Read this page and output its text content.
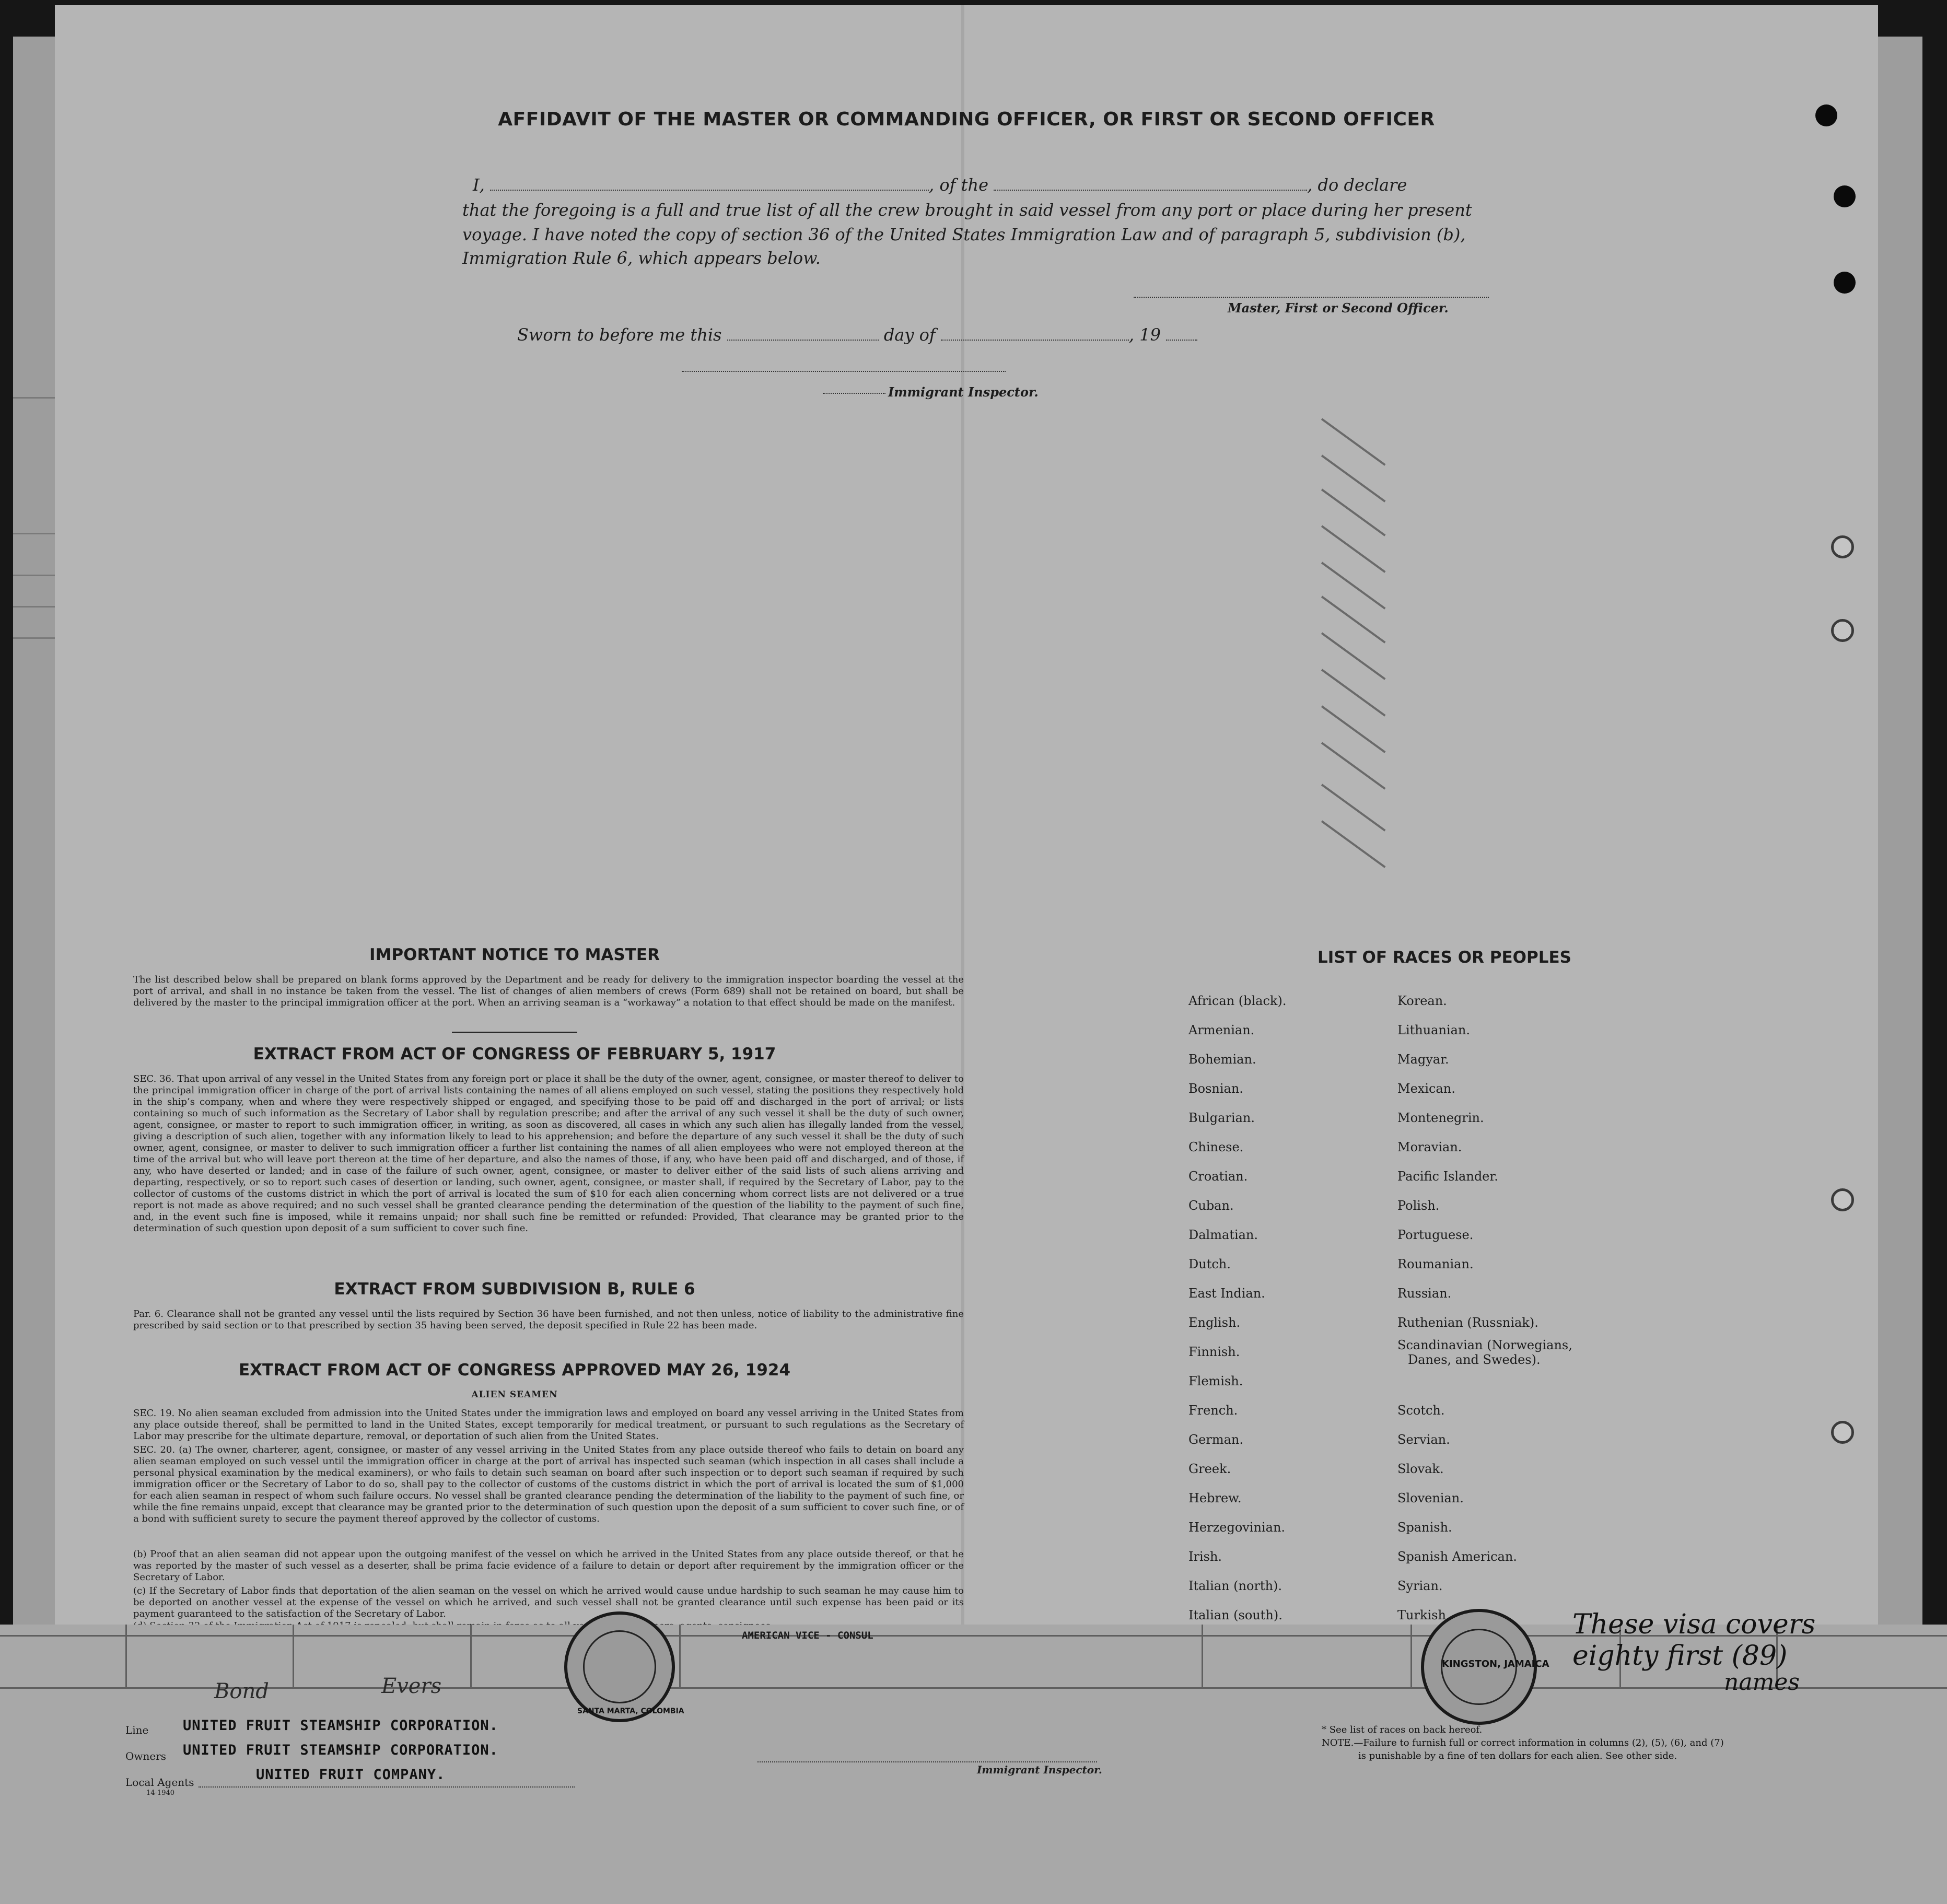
AFFIDAVIT OF THE MASTER OR COMMANDING OFFICER, OR FIRST OR SECOND OFFICER
I,	, of the	, do declare
that the foregoing is a full and true list of all the crew brought in said vessel from any port or place during her present
voyage. I have noted the copy of section 36 of the United States Immigration Law and of paragraph 5, subdivision (b),
Immigration Rule 6, which appears below.
Master, First or Second Officer.
Sworn to before me this	day of	, 19
Immigrant Inspector.
IMPORTANT NOTICE TO MASTER
The list described below shall be prepared on blank forms approved by the Department and be ready for delivery to the immigration inspector boarding the vessel at the port of arrival, and shall in no instance be taken from the vessel. The list of changes of alien members of crews (Form 689) shall not be retained on board, but shall be delivered by the master to the principal immigration officer at the port. When an arriving seaman is a “workaway” a notation to that effect should be made on the manifest.
EXTRACT FROM ACT OF CONGRESS OF FEBRUARY 5, 1917
SEC. 36. That upon arrival of any vessel in the United States from any foreign port or place it shall be the duty of the owner, agent, consignee, or master thereof to deliver to the principal immigration officer in charge of the port of arrival lists containing the names of all aliens employed on such vessel, stating the positions they respectively hold in the ship’s company, when and where they were respectively shipped or engaged, and specifying those to be paid off and discharged in the port of arrival; or lists containing so much of such information as the Secretary of Labor shall by regulation prescribe; and after the arrival of any such vessel it shall be the duty of such owner, agent, consignee, or master to report to such immigration officer, in writing, as soon as discovered, all cases in which any such alien has illegally landed from the vessel, giving a description of such alien, together with any information likely to lead to his apprehension; and before the departure of any such vessel it shall be the duty of such owner, agent, consignee, or master to deliver to such immigration officer a further list containing the names of all alien employees who were not employed thereon at the time of the arrival but who will leave port thereon at the time of her departure, and also the names of those, if any, who have been paid off and discharged, and of those, if any, who have deserted or landed; and in case of the failure of such owner, agent, consignee, or master to deliver either of the said lists of such aliens arriving and departing, respectively, or so to report such cases of desertion or landing, such owner, agent, consignee, or master shall, if required by the Secretary of Labor, pay to the collector of customs of the customs district in which the port of arrival is located the sum of $10 for each alien concerning whom correct lists are not delivered or a true report is not made as above required; and no such vessel shall be granted clearance pending the determination of the question of the liability to the payment of such fine, and, in the event such fine is imposed, while it remains unpaid; nor shall such fine be remitted or refunded: Provided, That clearance may be granted prior to the determination of such question upon deposit of a sum sufficient to cover such fine.
EXTRACT FROM SUBDIVISION B, RULE 6
Par. 6. Clearance shall not be granted any vessel until the lists required by Section 36 have been furnished, and not then unless, notice of liability to the administrative fine prescribed by said section or to that prescribed by section 35 having been served, the deposit specified in Rule 22 has been made.
EXTRACT FROM ACT OF CONGRESS APPROVED MAY 26, 1924
ALIEN SEAMEN
SEC. 19. No alien seaman excluded from admission into the United States under the immigration laws and employed on board any vessel arriving in the United States from any place outside thereof, shall be permitted to land in the United States, except temporarily for medical treatment, or pursuant to such regulations as the Secretary of Labor may prescribe for the ultimate departure, removal, or deportation of such alien from the United States.
SEC. 20. (a) The owner, charterer, agent, consignee, or master of any vessel arriving in the United States from any place outside thereof who fails to detain on board any alien seaman employed on such vessel until the immigration officer in charge at the port of arrival has inspected such seaman (which inspection in all cases shall include a personal physical examination by the medical examiners), or who fails to detain such seaman on board after such inspection or to deport such seaman if required by such immigration officer or the Secretary of Labor to do so, shall pay to the collector of customs of the customs district in which the port of arrival is located the sum of $1,000 for each alien seaman in respect of whom such failure occurs. No vessel shall be granted clearance pending the determination of the liability to the payment of such fine, or while the fine remains unpaid, except that clearance may be granted prior to the determination of such question upon the deposit of a sum sufficient to cover such fine, or of a bond with sufficient surety to secure the payment thereof approved by the collector of customs.
(b) Proof that an alien seaman did not appear upon the outgoing manifest of the vessel on which he arrived in the United States from any place outside thereof, or that he was reported by the master of such vessel as a deserter, shall be prima facie evidence of a failure to detain or deport after requirement by the immigration officer or the Secretary of Labor.
(c) If the Secretary of Labor finds that deportation of the alien seaman on the vessel on which he arrived would cause undue hardship to such seaman he may cause him to be deported on another vessel at the expense of the vessel on which he arrived, and such vessel shall not be granted clearance until such expense has been paid or its payment guaranteed to the satisfaction of the Secretary of Labor.
LIST OF RACES OR PEOPLES
African (black).
Armenian.
Bohemian.
Bosnian.
Bulgarian.
Chinese.
Croatian.
Cuban.
Dalmatian.
Dutch.
East Indian.
English.
Finnish.
Flemish.
French.
German.
Greek.
Hebrew.
Herzegovinian.
Irish.
Italian (north).
Italian (south).
Korean.
Lithuanian.
Magyar.
Mexican.
Montenegrin.
Moravian.
Pacific Islander.
Polish.
Portuguese.
Roumanian.
Russian.
Ruthenian (Russniak).
Scandinavian (Norwegians,
Danes, and Swedes).
Scotch.
Servian.
Slovak.
Slovenian.
Spanish.
Spanish American.
Syrian.
Turkish.
SANTA MARTA, COLOMBIA
AMERICAN VICE - CONSUL
KINGSTON, JAMAICA
Bond	Evers
These visa covers
eighty first (89)
names
Line UNITED FRUIT STEAMSHIP CORPORATION.
Owners UNITED FRUIT STEAMSHIP CORPORATION.
Local Agents	UNITED FRUIT COMPANY.
14-1940
Immigrant Inspector.
* See list of races on back hereof.
NOTE.—Failure to furnish full or correct information in columns (2), (5), (6), and (7)
is punishable by a fine of ten dollars for each alien. See other side.
